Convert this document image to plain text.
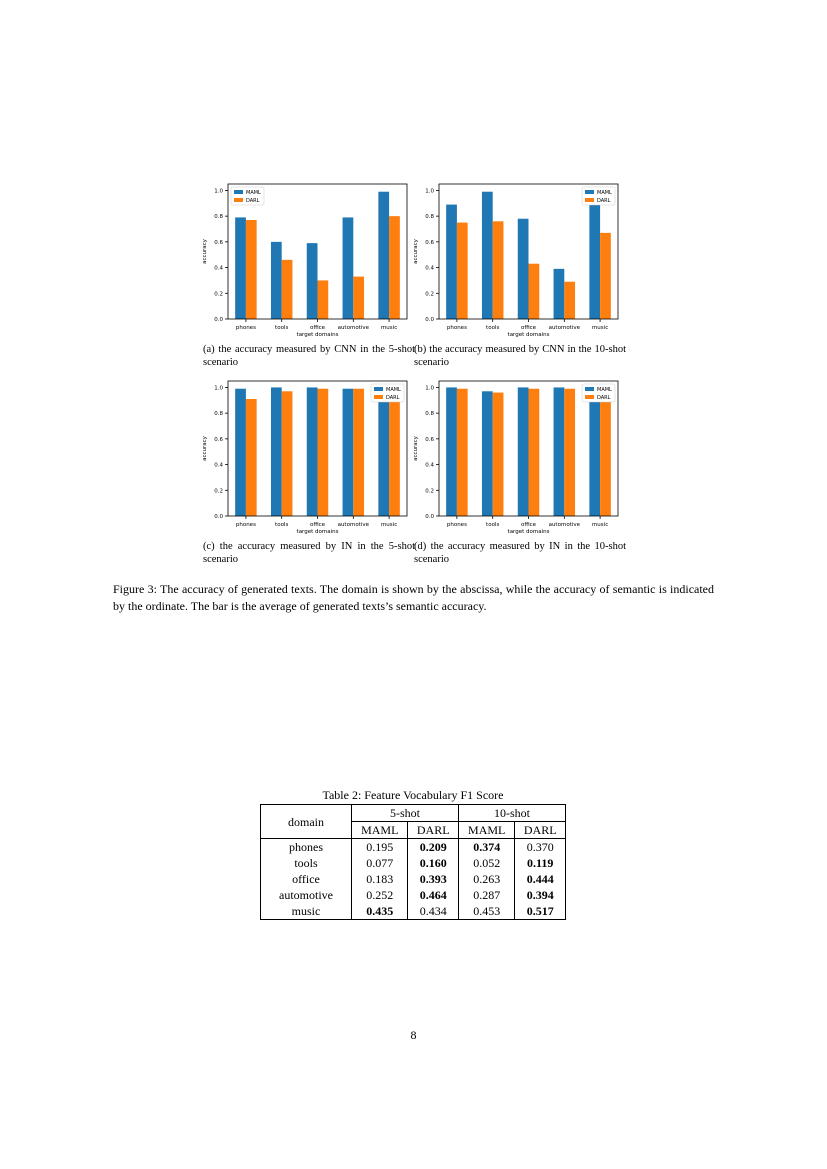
0.0
0.2
0.4
0.6
0.8
1.0
phones	tools	office automotive music
target domains
accuracy
MAML
DARL
0.0
0.2
0.4
0.6
0.8
1.0
phones	tools	office automotive music
target domains
accuracy
MAML
DARL
0.0
0.2
0.4
0.6
0.8
1.0
phones	tools	office automotive music
target domains
accuracy
MAML
DARL
0.0
0.2
0.4
0.6
0.8
1.0
phones	tools	office automotive music
target domains
accuracy
MAML
DARL
(a) the accuracy measured by CNN in the 5-shot scenario
(b) the accuracy measured by CNN in the 10-shot scenario
(c) the accuracy measured by IN in the 5-shot scenario
(d) the accuracy measured by IN in the 10-shot scenario
Figure 3: The accuracy of generated texts. The domain is shown by the abscissa, while the accuracy of semantic is indicated by the ordinate. The bar is the average of generated texts’s semantic accuracy.
Table 2: Feature Vocabulary F1 Score
domain	5-shot		10-shot	
	MAML	DARL	MAML	DARL
phones	0.195	0.209	0.374	0.370
tools	0.077	0.160	0.052	0.119
office	0.183	0.393	0.263	0.444
automotive	0.252	0.464	0.287	0.394
music	0.435	0.434	0.453	0.517
8
